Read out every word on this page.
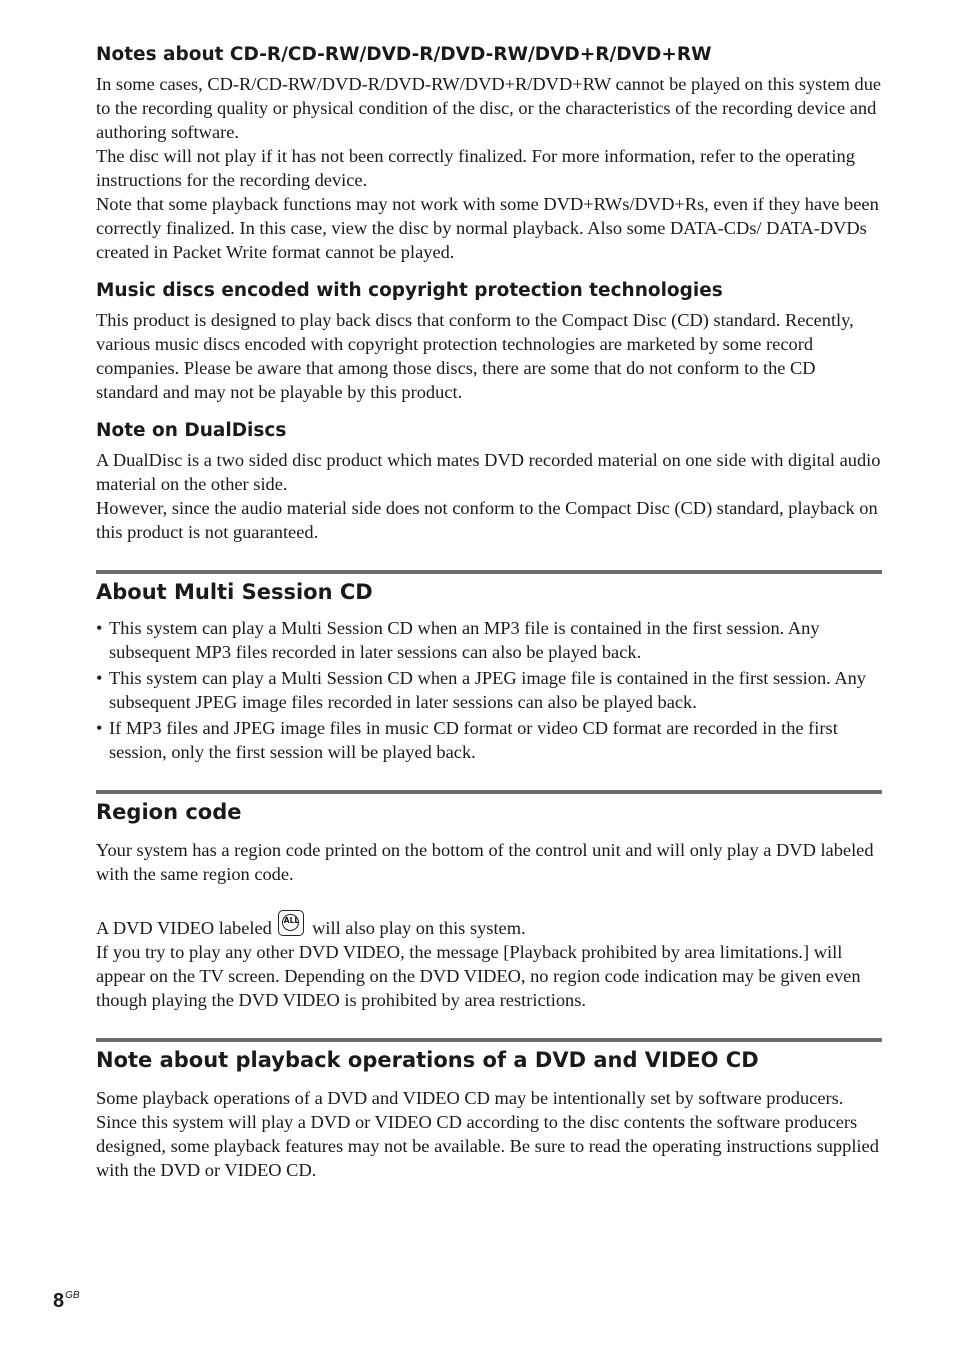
Notes about CD-R/CD-RW/DVD-R/DVD-RW/DVD+R/DVD+RW

In some cases, CD-R/CD-RW/DVD-R/DVD-RW/DVD+R/DVD+RW cannot be played on this system due to the recording quality or physical condition of the disc, or the characteristics of the recording device and authoring software.

The disc will not play if it has not been correctly finalized. For more information, refer to the operating instructions for the recording device.

Note that some playback functions may not work with some DVD+RWs/DVD+Rs, even if they have been correctly finalized. In this case, view the disc by normal playback. Also some DATA-CDs/ DATA-DVDs created in Packet Write format cannot be played.

Music discs encoded with copyright protection technologies

This product is designed to play back discs that conform to the Compact Disc (CD) standard. Recently, various music discs encoded with copyright protection technologies are marketed by some record companies. Please be aware that among those discs, there are some that do not conform to the CD standard and may not be playable by this product.

Note on DualDiscs

A DualDisc is a two sided disc product which mates DVD recorded material on one side with digital audio material on the other side.

However, since the audio material side does not conform to the Compact Disc (CD) standard, playback on this product is not guaranteed.

About Multi Session CD
• This system can play a Multi Session CD when an MP3 file is contained in the first session. Any subsequent MP3 files recorded in later sessions can also be played back.
• This system can play a Multi Session CD when a JPEG image file is contained in the first session. Any subsequent JPEG image files recorded in later sessions can also be played back.
• If MP3 files and JPEG image files in music CD format or video CD format are recorded in the first session, only the first session will be played back.
Region code

Your system has a region code printed on the bottom of the control unit and will only play a DVD labeled with the same region code.

A DVD VIDEO labeled	ALL will also play on this system.

If you try to play any other DVD VIDEO, the message [Playback prohibited by area limitations.] will appear on the TV screen. Depending on the DVD VIDEO, no region code indication may be given even though playing the DVD VIDEO is prohibited by area restrictions.

Note about playback operations of a DVD and VIDEO CD

Some playback operations of a DVD and VIDEO CD may be intentionally set by software producers. Since this system will play a DVD or VIDEO CD according to the disc contents the software producers designed, some playback features may not be available. Be sure to read the operating instructions supplied with the DVD or VIDEO CD.

$8^{GB}$
